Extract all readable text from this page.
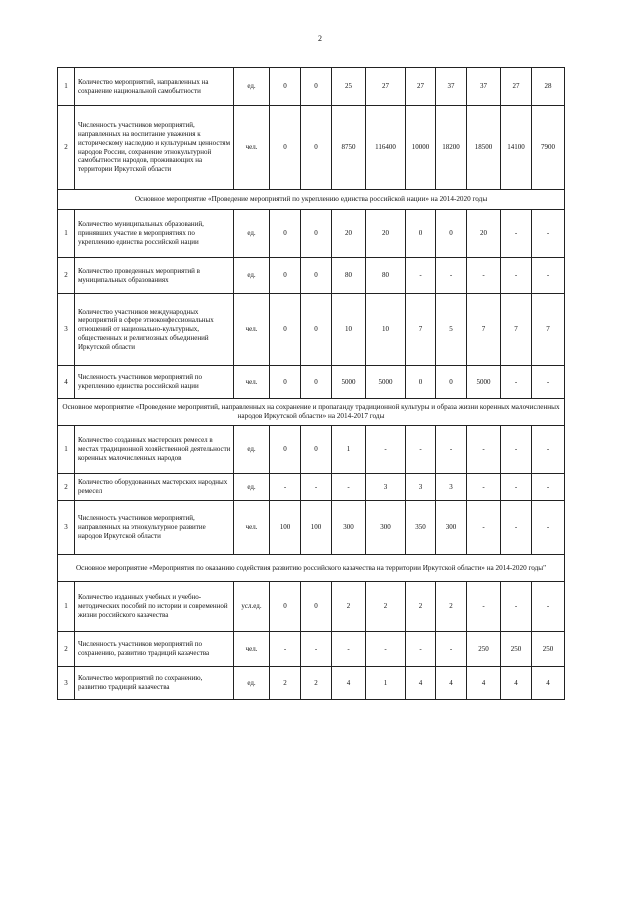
2
1	Количество мероприятий, направленных на сохранение национальной самобытности	ед.	0	0	25	27	27	37	37	27	28
2	Численность участников мероприятий, направленных на воспитание уважения к историческому наследию и культурным ценностям народов России, сохранение этнокультурной самобытности народов, проживающих на территории Иркутской области	чел.	0	0	8750	116400	10000	18200	18500	14100	7900
Основное мероприятие «Проведение мероприятий по укреплению единства российской нации» на 2014-2020 годы											
1	Количество муниципальных образований, принявших участие в мероприятиях по укреплению единства российской нации	ед.	0	0	20	20	0	0	20	-	-
2	Количество проведенных мероприятий в муниципальных образованиях	ед.	0	0	80	80	-	-	-	-	-
3	Количество участников международных мероприятий в сфере этноконфессиональных отношений от национально-культурных, общественных и религиозных объединений Иркутской области	чел.	0	0	10	10	7	5	7	7	7
4	Численность участников мероприятий по укреплению единства российской нации	чел.	0	0	5000	5000	0	0	5000	-	-
Основное мероприятие «Проведение мероприятий, направленных на сохранение и пропаганду традиционной культуры и образа жизни коренных малочисленных народов Иркутской области» на 2014-2017 годы											
1	Количество созданных мастерских ремесел в местах традиционной хозяйственной деятельности коренных малочисленных народов	ед.	0	0	1	-	-	-	-	-	-
2	Количество оборудованных мастерских народных ремесел	ед.	-	-	-	3	3	3	-	-	-
3	Численность участников мероприятий, направленных на этнокультурное развитие народов Иркутской области	чел.	100	100	300	300	350	300	-	-	-
Основное мероприятие «Мероприятия по оказанию содействия развитию российского казачества на территории Иркутской области» на 2014-2020 годы"											
1	Количество изданных учебных и учебно-методических пособий по истории и современной жизни российского казачества	усл.ед.	0	0	2	2	2	2	-	-	-
2	Численность участников мероприятий по сохранению, развитию традиций казачества	чел.	-	-	-	-	-	-	250	250	250
3	Количество мероприятий по сохранению, развитию традиций казачества	ед.	2	2	4	1	4	4	4	4	4
